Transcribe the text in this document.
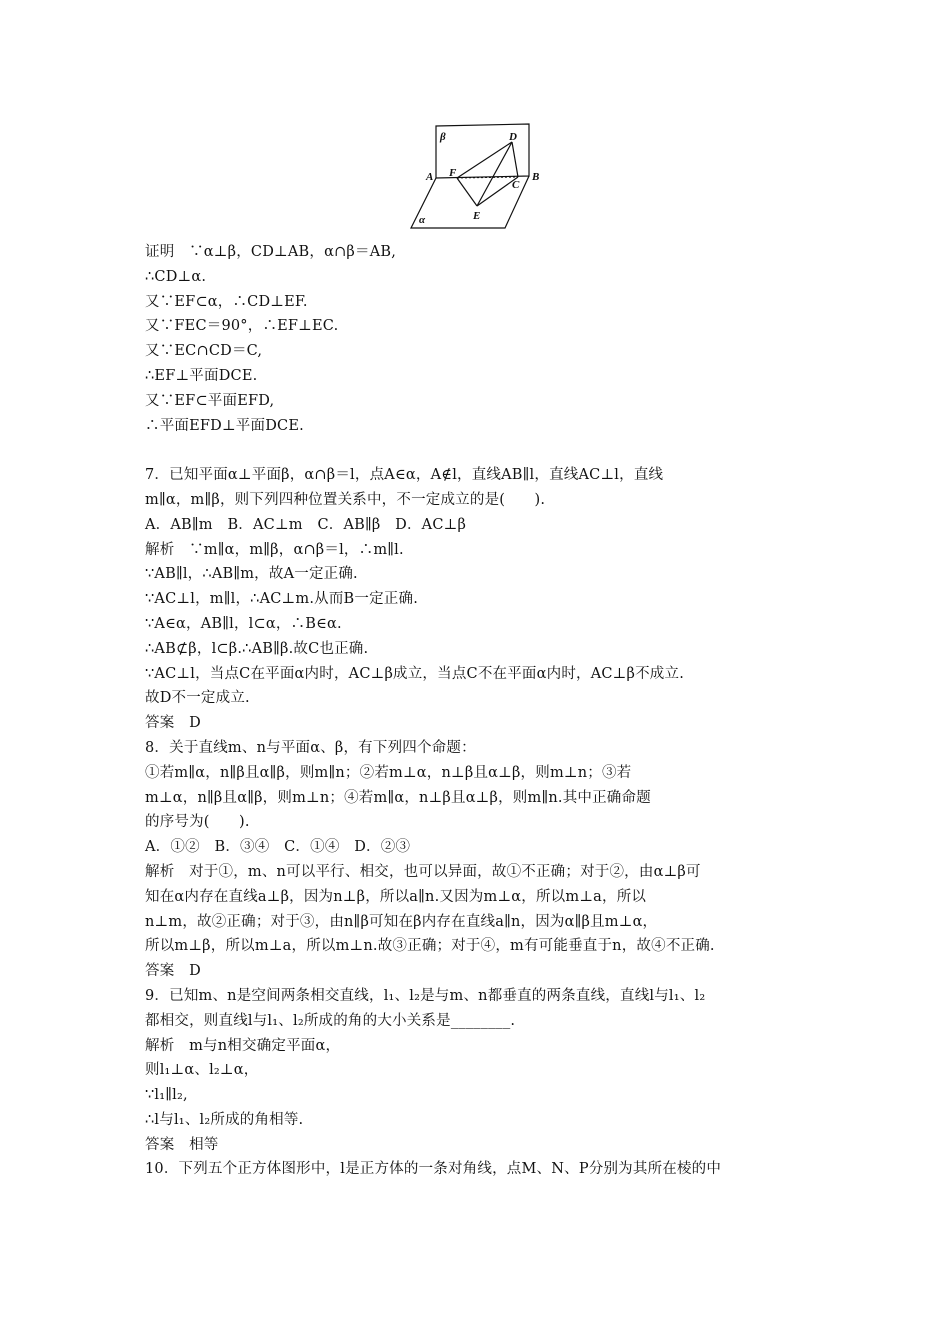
β
α
A	B
C
D
E
F
证明　∵α⊥β，CD⊥AB，α∩β＝AB,
∴CD⊥α.
又∵EF⊂α，∴CD⊥EF.
又∵FEC＝90°，∴EF⊥EC.
又∵EC∩CD＝C,
∴EF⊥平面DCE.
又∵EF⊂平面EFD,
∴平面EFD⊥平面DCE.
7．已知平面α⊥平面β，α∩β＝l，点A∈α，A∉l，直线AB∥l，直线AC⊥l，直线
m∥α，m∥β，则下列四种位置关系中，不一定成立的是(　　).
A．AB∥m　B．AC⊥m　C．AB∥β　D．AC⊥β
解析　∵m∥α，m∥β，α∩β＝l，∴m∥l.
∵AB∥l，∴AB∥m，故A一定正确.
∵AC⊥l，m∥l，∴AC⊥m.从而B一定正确.
∵A∈α，AB∥l，l⊂α，∴B∈α.
∴AB⊄β，l⊂β.∴AB∥β.故C也正确.
∵AC⊥l，当点C在平面α内时，AC⊥β成立，当点C不在平面α内时，AC⊥β不成立.
故D不一定成立.
答案　D
8．关于直线m、n与平面α、β，有下列四个命题：
①若m∥α，n∥β且α∥β，则m∥n；②若m⊥α，n⊥β且α⊥β，则m⊥n；③若
m⊥α，n∥β且α∥β，则m⊥n；④若m∥α，n⊥β且α⊥β，则m∥n.其中正确命题
的序号为(　　).
A．①②　B．③④　C．①④　D．②③
解析　对于①，m、n可以平行、相交，也可以异面，故①不正确；对于②，由α⊥β可
知在α内存在直线a⊥β，因为n⊥β，所以a∥n.又因为m⊥α，所以m⊥a，所以
n⊥m，故②正确；对于③，由n∥β可知在β内存在直线a∥n，因为α∥β且m⊥α，
所以m⊥β，所以m⊥a，所以m⊥n.故③正确；对于④，m有可能垂直于n，故④不正确.
答案　D
9．已知m、n是空间两条相交直线，l₁、l₂是与m、n都垂直的两条直线，直线l与l₁、l₂
都相交，则直线l与l₁、l₂所成的角的大小关系是________.
解析　m与n相交确定平面α，
则l₁⊥α、l₂⊥α，
∵l₁∥l₂,
∴l与l₁、l₂所成的角相等.
答案　相等
10．下列五个正方体图形中，l是正方体的一条对角线，点M、N、P分别为其所在棱的中
